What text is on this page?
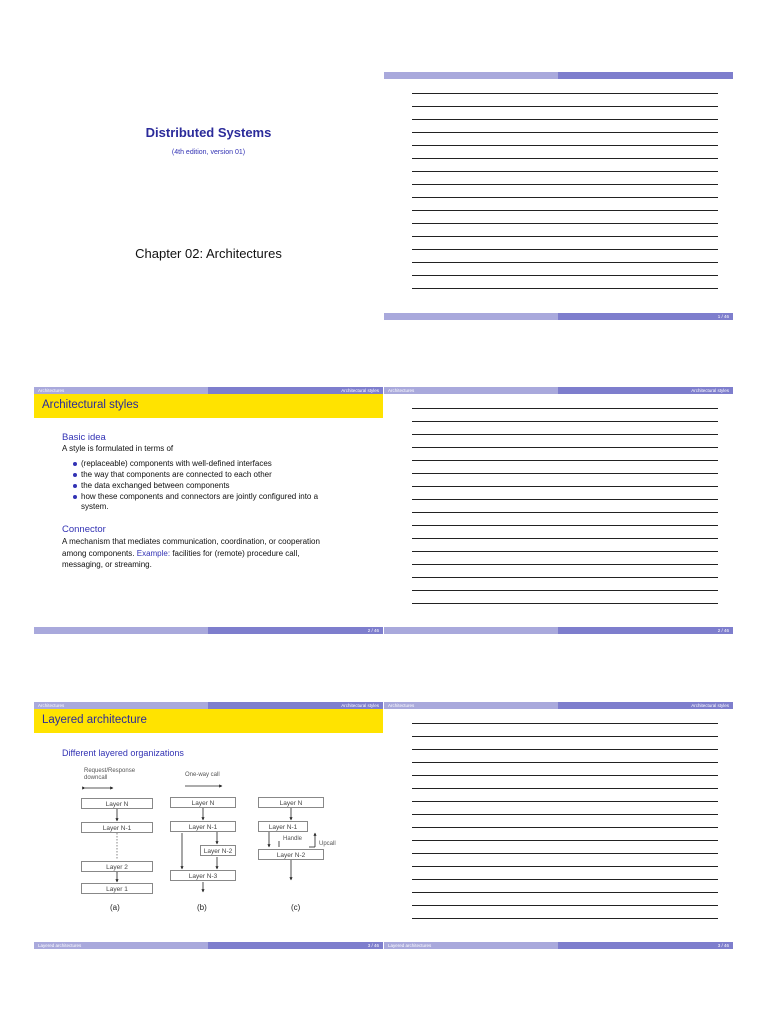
Distributed Systems
(4th edition, version 01)
Chapter 02: Architectures
1 / 46
Architectures	Architectural styles
Architectural styles
Basic idea
A style is formulated in terms of
(replaceable) components with well-defined interfaces
the way that components are connected to each other
the data exchanged between components
how these components and connectors are jointly configured into a
system.
Connector
A mechanism that mediates communication, coordination, or cooperation
among components. Example: facilities for (remote) procedure call,
messaging, or streaming.
2 / 46
Architectures	Architectural styles
2 / 46
Architectures	Architectural styles
Layered architecture
Different layered organizations
Request/Response
downcall	One-way call
Layer N
Layer N-1
Layer 2
Layer 1
(a)
Layer N
Layer N-1
Layer N-2
Layer N-3
(b)
Layer N
Layer N-1
Handle
Upcall
Layer N-2
(c)
Layered architectures	3 / 46
Architectures	Architectural styles
Layered architectures	3 / 46
